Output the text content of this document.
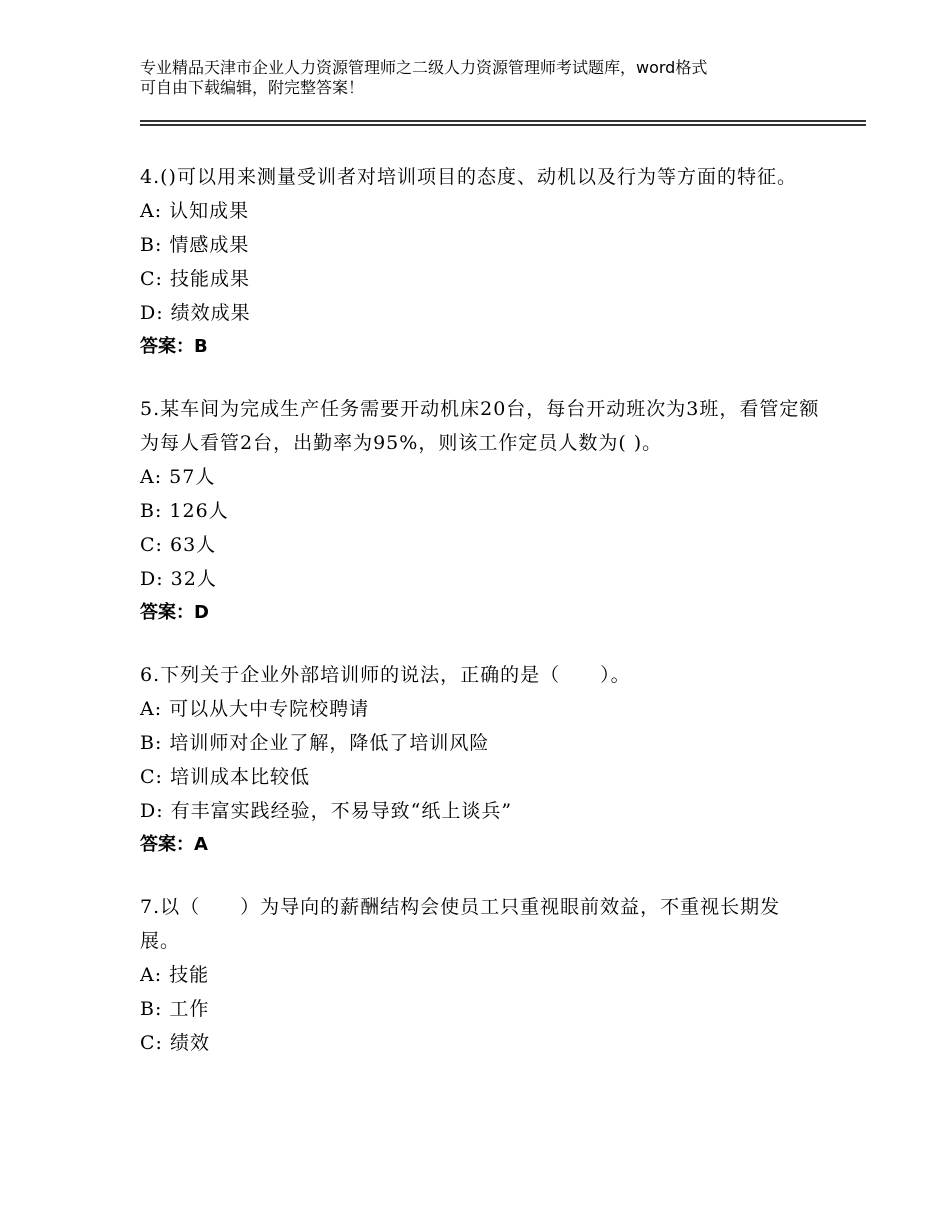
专业精品天津市企业人力资源管理师之二级人力资源管理师考试题库，word格式
可自由下载编辑，附完整答案！
4.()可以用来测量受训者对培训项目的态度、动机以及行为等方面的特征。
A: 认知成果
B: 情感成果
C: 技能成果
D: 绩效成果
答案：B
5.某车间为完成生产任务需要开动机床20台，每台开动班次为3班，看管定额为每人看管2台，出勤率为95%，则该工作定员人数为( )。
A: 57人
B: 126人
C: 63人
D: 32人
答案：D
6.下列关于企业外部培训师的说法，正确的是（　　）。
A: 可以从大中专院校聘请
B: 培训师对企业了解，降低了培训风险
C: 培训成本比较低
D: 有丰富实践经验，不易导致“纸上谈兵”
答案：A
7.以（　　）为导向的薪酬结构会使员工只重视眼前效益，不重视长期发展。
A: 技能
B: 工作
C: 绩效
